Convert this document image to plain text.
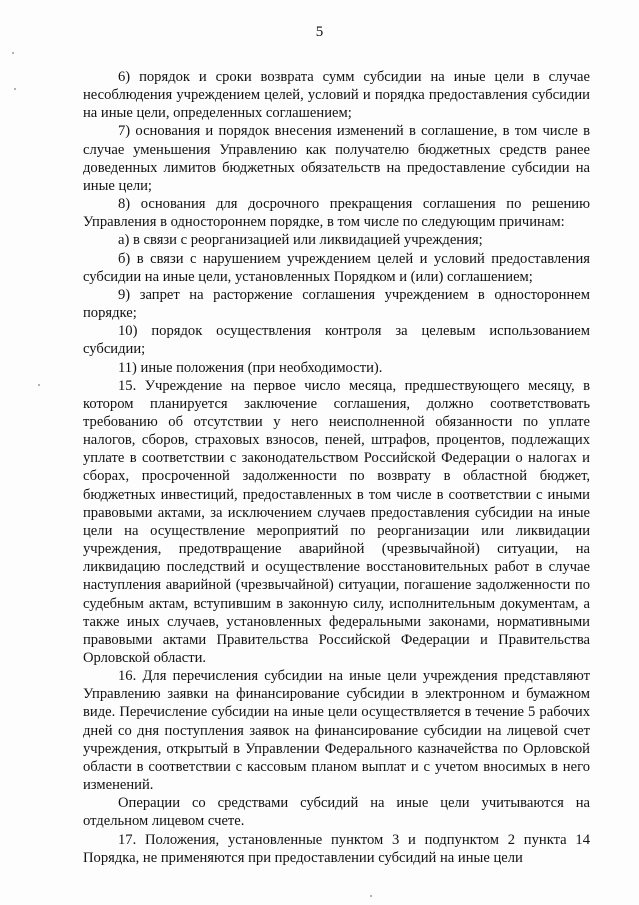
5

6) порядок и сроки возврата сумм субсидии на иные цели в случае несоблюдения учреждением целей, условий и порядка предоставления субсидии на иные цели, определенных соглашением;

7) основания и порядок внесения изменений в соглашение, в том числе в случае уменьшения Управлению как получателю бюджетных средств ранее доведенных лимитов бюджетных обязательств на предоставление субсидии на иные цели;

8) основания для досрочного прекращения соглашения по решению Управления в одностороннем порядке, в том числе по следующим причинам:

а) в связи с реорганизацией или ликвидацией учреждения;

б) в связи с нарушением учреждением целей и условий предоставления субсидии на иные цели, установленных Порядком и (или) соглашением;

9) запрет на расторжение соглашения учреждением в одностороннем порядке;

10) порядок осуществления контроля за целевым использованием субсидии;

11) иные положения (при необходимости).

15. Учреждение на первое число месяца, предшествующего месяцу, в котором планируется заключение соглашения, должно соответствовать требованию об отсутствии у него неисполненной обязанности по уплате налогов, сборов, страховых взносов, пеней, штрафов, процентов, подлежащих уплате в соответствии с законодательством Российской Федерации о налогах и сборах, просроченной задолженности по возврату в областной бюджет, бюджетных инвестиций, предоставленных в том числе в соответствии с иными правовыми актами, за исключением случаев предоставления субсидии на иные цели на осуществление мероприятий по реорганизации или ликвидации учреждения, предотвращение аварийной (чрезвычайной) ситуации, на ликвидацию последствий и осуществление восстановительных работ в случае наступления аварийной (чрезвычайной) ситуации, погашение задолженности по судебным актам, вступившим в законную силу, исполнительным документам, а также иных случаев, установленных федеральными законами, нормативными правовыми актами Правительства Российской Федерации и Правительства Орловской области.

16. Для перечисления субсидии на иные цели учреждения представляют Управлению заявки на финансирование субсидии в электронном и бумажном виде. Перечисление субсидии на иные цели осуществляется в течение 5 рабочих дней со дня поступления заявок на финансирование субсидии на лицевой счет учреждения, открытый в Управлении Федерального казначейства по Орловской области в соответствии с кассовым планом выплат и с учетом вносимых в него изменений.

Операции со средствами субсидий на иные цели учитываются на отдельном лицевом счете.

17. Положения, установленные пунктом 3 и подпунктом 2 пункта 14 Порядка, не применяются при предоставлении субсидий на иные цели
